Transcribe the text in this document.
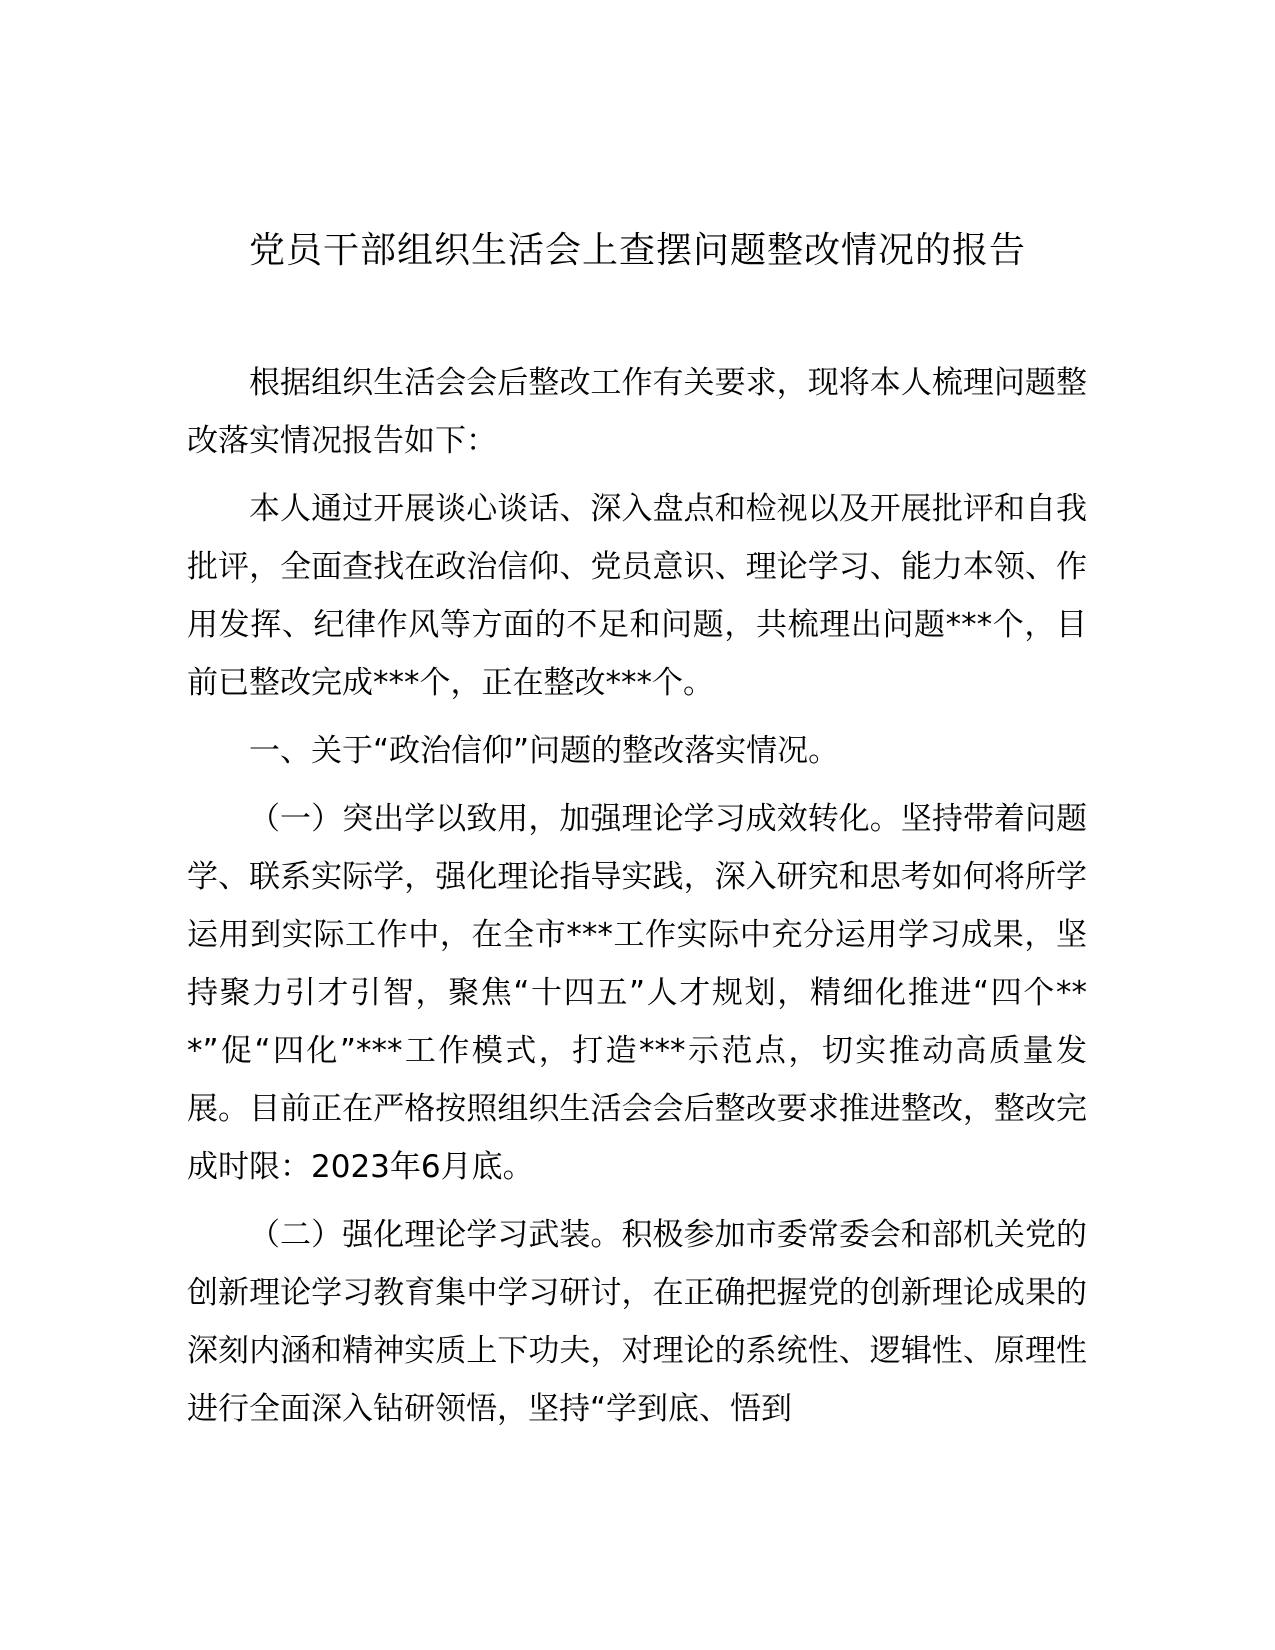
党员干部组织生活会上查摆问题整改情况的报告

根据组织生活会会后整改工作有关要求，现将本人梳理问题整改落实情况报告如下：

本人通过开展谈心谈话、深入盘点和检视以及开展批评和自我批评，全面查找在政治信仰、党员意识、理论学习、能力本领、作用发挥、纪律作风等方面的不足和问题，共梳理出问题***个，目前已整改完成***个，正在整改***个。

一、关于“政治信仰”问题的整改落实情况。

（一）突出学以致用，加强理论学习成效转化。坚持带着问题学、联系实际学，强化理论指导实践，深入研究和思考如何将所学运用到实际工作中，在全市***工作实际中充分运用学习成果，坚持聚力引才引智，聚焦“十四五”人才规划，精细化推进“四个***”促“四化”***工作模式，打造***示范点，切实推动高质量发展。目前正在严格按照组织生活会会后整改要求推进整改，整改完成时限：2023年6月底。

（二）强化理论学习武装。积极参加市委常委会和部机关党的创新理论学习教育集中学习研讨，在正确把握党的创新理论成果的深刻内涵和精神实质上下功夫，对理论的系统性、逻辑性、原理性进行全面深入钻研领悟，坚持“学到底、悟到
